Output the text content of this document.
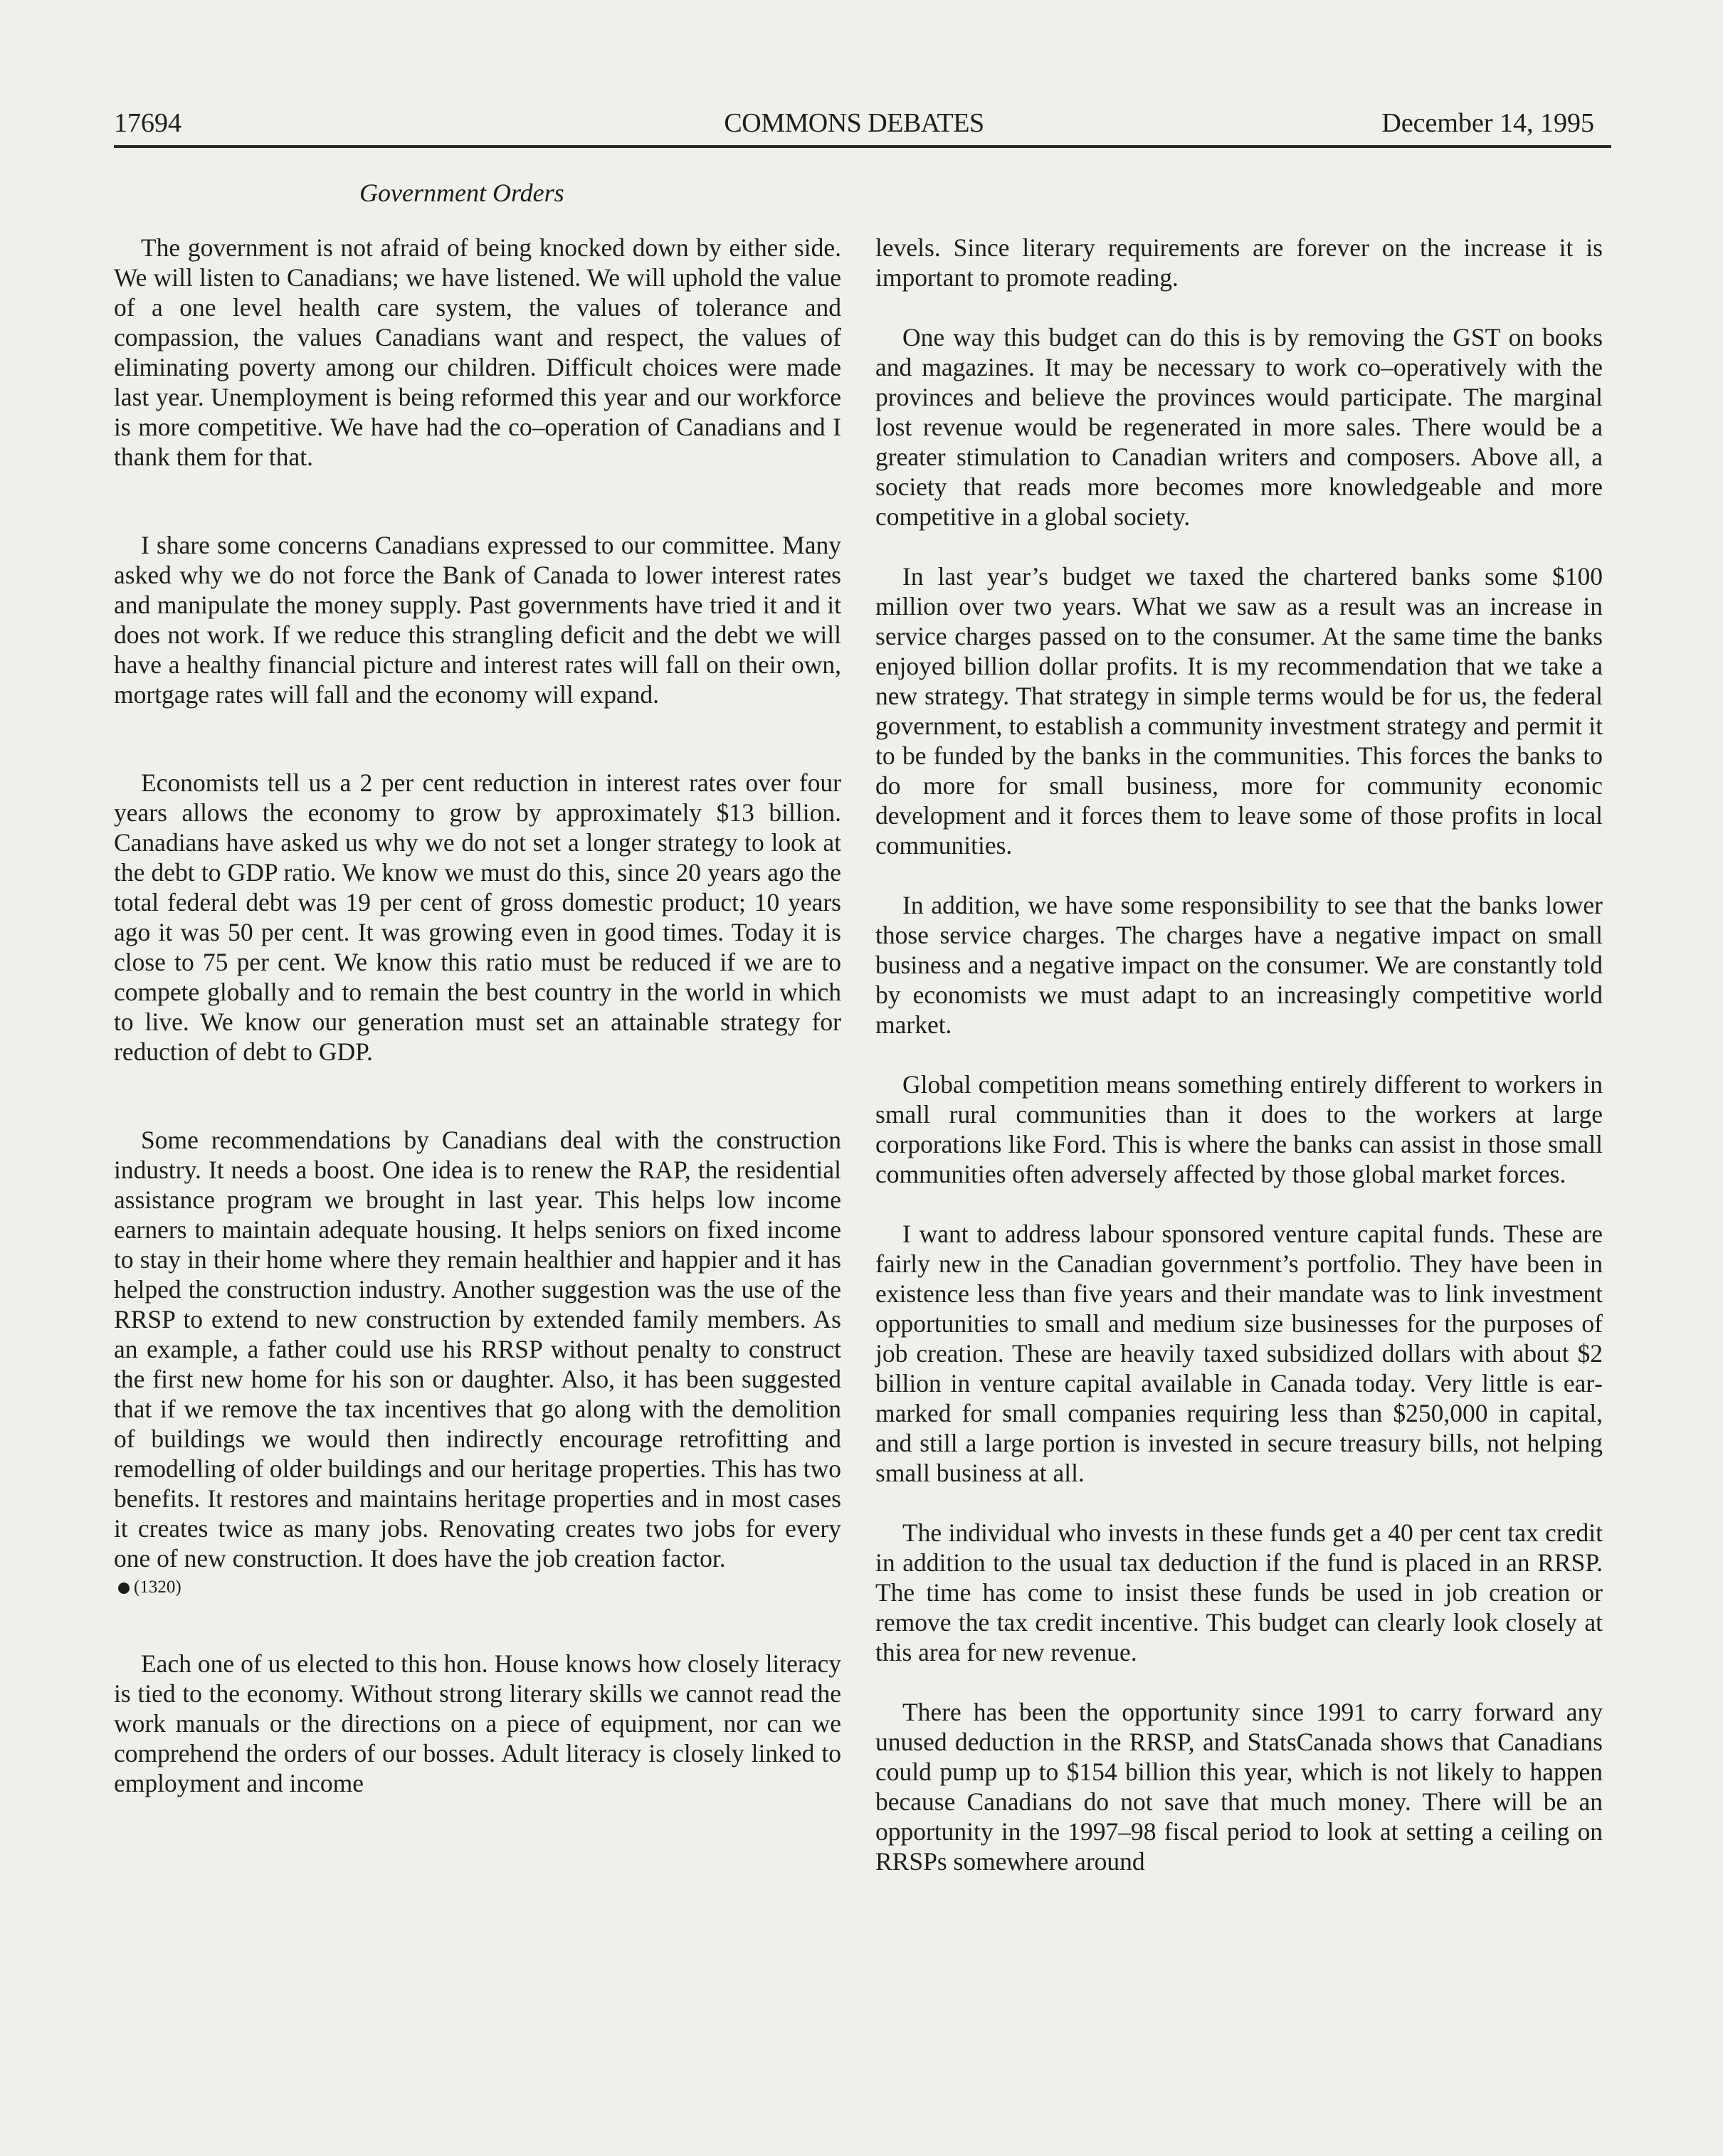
17694	COMMONS DEBATES	December 14, 1995
Government Orders

The government is not afraid of being knocked down by either side. We will listen to Canadians; we have listened. We will uphold the value of a one level health care system, the values of tolerance and compassion, the values Canadians want and respect, the values of eliminating poverty among our children. Difficult choices were made last year. Unemployment is being reformed this year and our workforce is more competitive. We have had the co–operation of Canadians and I thank them for that.

I share some concerns Canadians expressed to our committee. Many asked why we do not force the Bank of Canada to lower interest rates and manipulate the money supply. Past governments have tried it and it does not work. If we reduce this strangling deficit and the debt we will have a healthy financial picture and interest rates will fall on their own, mortgage rates will fall and the economy will expand.

Economists tell us a 2 per cent reduction in interest rates over four years allows the economy to grow by approximately $13 billion. Canadians have asked us why we do not set a longer strategy to look at the debt to GDP ratio. We know we must do this, since 20 years ago the total federal debt was 19 per cent of gross domestic product; 10 years ago it was 50 per cent. It was growing even in good times. Today it is close to 75 per cent. We know this ratio must be reduced if we are to compete globally and to remain the best country in the world in which to live. We know our generation must set an attainable strategy for reduction of debt to GDP.

Some recommendations by Canadians deal with the construction industry. It needs a boost. One idea is to renew the RAP, the residential assistance program we brought in last year. This helps low income earners to maintain adequate housing. It helps seniors on fixed income to stay in their home where they remain healthier and happier and it has helped the construction industry. Another suggestion was the use of the RRSP to extend to new construction by extended family members. As an example, a father could use his RRSP without penalty to construct the first new home for his son or daughter. Also, it has been suggested that if we remove the tax incentives that go along with the demolition of buildings we would then indirectly encourage retrofitting and remodelling of older buildings and our heritage properties. This has two benefits. It restores and maintains heritage properties and in most cases it creates twice as many jobs. Renovating creates two jobs for every one of new construction. It does have the job creation factor.

(1320)

Each one of us elected to this hon. House knows how closely literacy is tied to the economy. Without strong literary skills we cannot read the work manuals or the directions on a piece of equipment, nor can we comprehend the orders of our bosses. Adult literacy is closely linked to employment and income

levels. Since literary requirements are forever on the increase it is important to promote reading.

One way this budget can do this is by removing the GST on books and magazines. It may be necessary to work co–operatively with the provinces and believe the provinces would participate. The marginal lost revenue would be regenerated in more sales. There would be a greater stimulation to Canadian writers and composers. Above all, a society that reads more becomes more knowledgeable and more competitive in a global society.

In last year’s budget we taxed the chartered banks some $100 million over two years. What we saw as a result was an increase in service charges passed on to the consumer. At the same time the banks enjoyed billion dollar profits. It is my recommendation that we take a new strategy. That strategy in simple terms would be for us, the federal government, to establish a community investment strategy and permit it to be funded by the banks in the communities. This forces the banks to do more for small business, more for community economic development and it forces them to leave some of those profits in local communities.

In addition, we have some responsibility to see that the banks lower those service charges. The charges have a negative impact on small business and a negative impact on the consumer. We are constantly told by economists we must adapt to an increasingly competitive world market.

Global competition means something entirely different to workers in small rural communities than it does to the workers at large corporations like Ford. This is where the banks can assist in those small communities often adversely affected by those global market forces.

I want to address labour sponsored venture capital funds. These are fairly new in the Canadian government’s portfolio. They have been in existence less than five years and their mandate was to link investment opportunities to small and medium size businesses for the purposes of job creation. These are heavily taxed subsidized dollars with about $2 billion in venture capital available in Canada today. Very little is earmarked for small companies requiring less than $250,000 in capital, and still a large portion is invested in secure treasury bills, not helping small business at all.

The individual who invests in these funds get a 40 per cent tax credit in addition to the usual tax deduction if the fund is placed in an RRSP. The time has come to insist these funds be used in job creation or remove the tax credit incentive. This budget can clearly look closely at this area for new revenue.

There has been the opportunity since 1991 to carry forward any unused deduction in the RRSP, and StatsCanada shows that Canadians could pump up to $154 billion this year, which is not likely to happen because Canadians do not save that much money. There will be an opportunity in the 1997–98 fiscal period to look at setting a ceiling on RRSPs somewhere around
